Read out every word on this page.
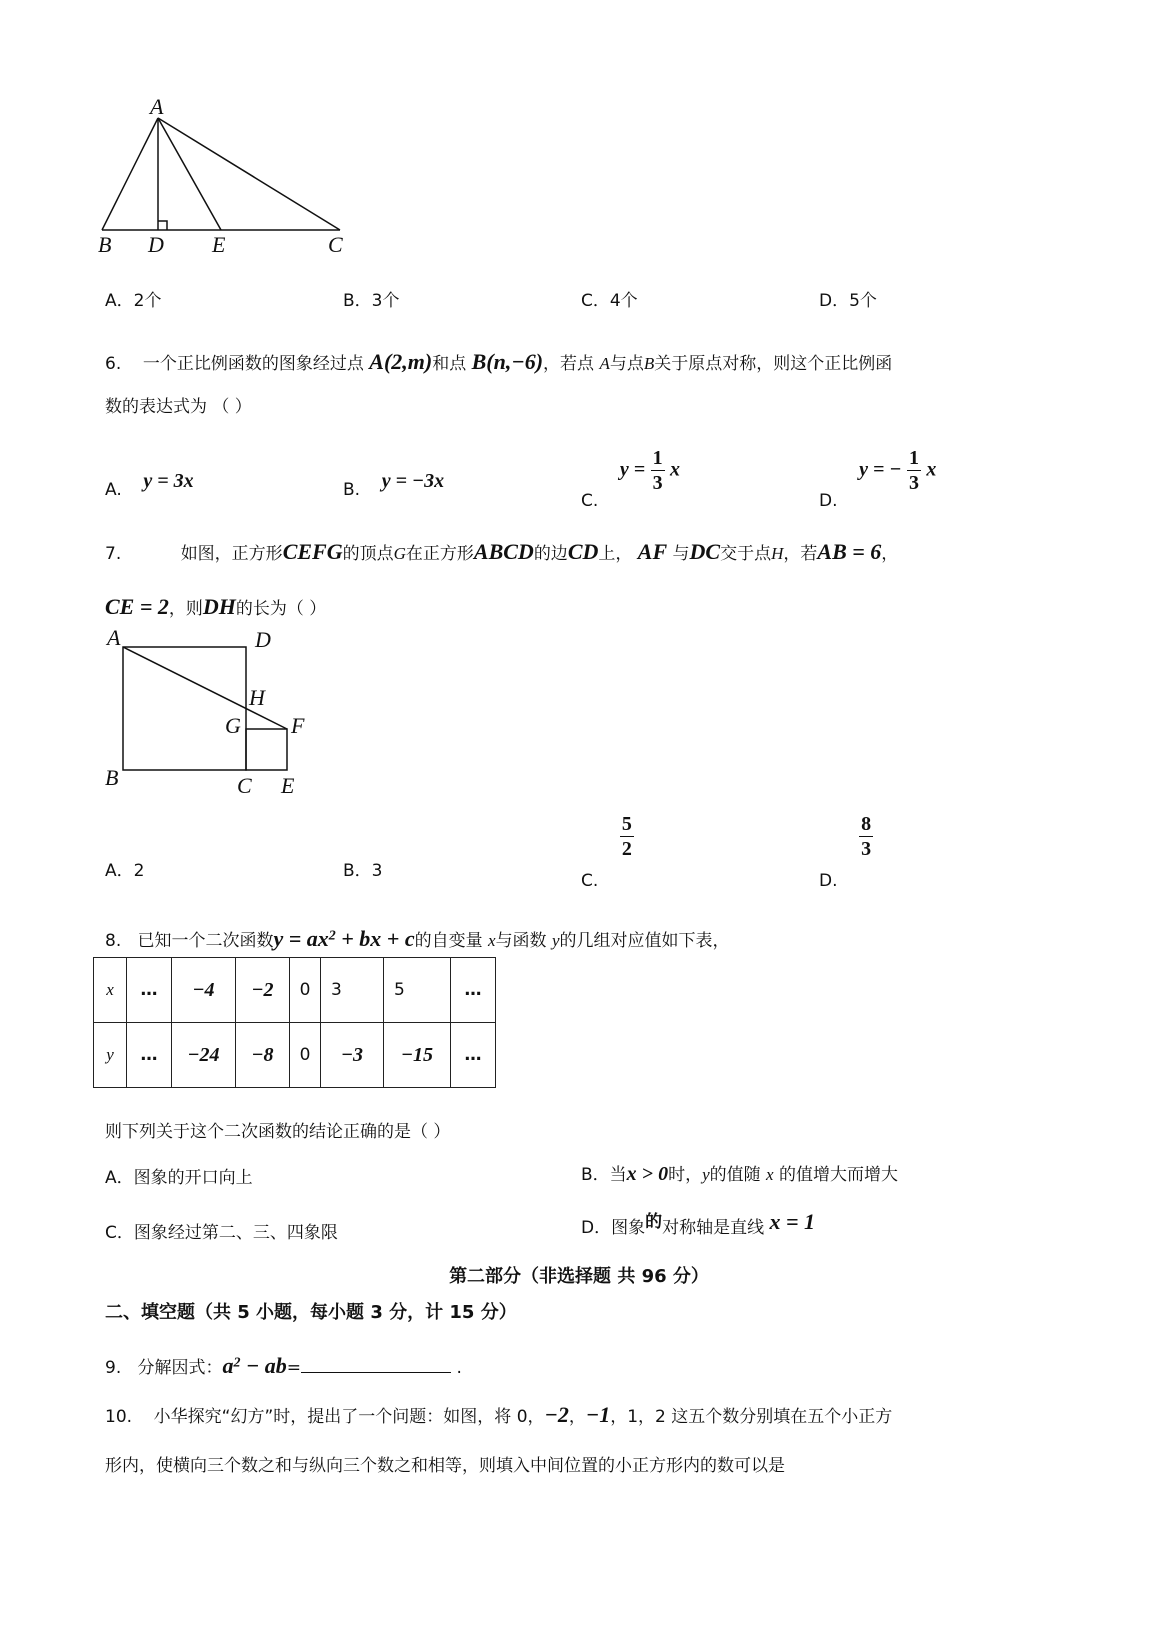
A
B D E	C
A．2个	B．3个	C．4个	D．5个
6. 一个正比例函数的图象经过点 A(2,m)和点 B(n,−6)，若点 A与点B关于原点对称，则这个正比例函
数的表达式为 （ ）
A. y = 3x	B. y = −3x
C.    $y = \frac{1}{3}$ x
D.    y = − $\frac{1}{3}$ x
7.	如图，正方形CEFG的顶点G在正方形ABCD的边CD上， AF 与DC交于点H，若AB = 6，
CE = 2，则DH的长为（ ）
A	D
H
G F
B	C E
A．2	B．3	C.
$\frac{5}{2}$
D.
$\frac{8}{3}$
8. 已知一个二次函数$y = ax^2$ + bx + c的自变量 x与函数 y的几组对应值如下表，
x	…	−4	−2	0	3	5	…
y	…	−24	−8	0	−3	−15	…
则下列关于这个二次函数的结论正确的是（ ）
A．图象的开口向上	B．当x > 0时，y的值随 x 的值增大而增大
C．图象经过第二、三、四象限	D．图象的对称轴是直线 x = 1
第二部分（非选择题 共 96 分）
二、填空题（共 5 小题，每小题 3 分，计 15 分）
9. 分解因式：$a^2 - ab=$	.
10. 小华探究“幻方”时，提出了一个问题：如图，将 0，−2，−1，1，2 这五个数分别填在五个小正方
形内，使横向三个数之和与纵向三个数之和相等，则填入中间位置的小正方形内的数可以是
